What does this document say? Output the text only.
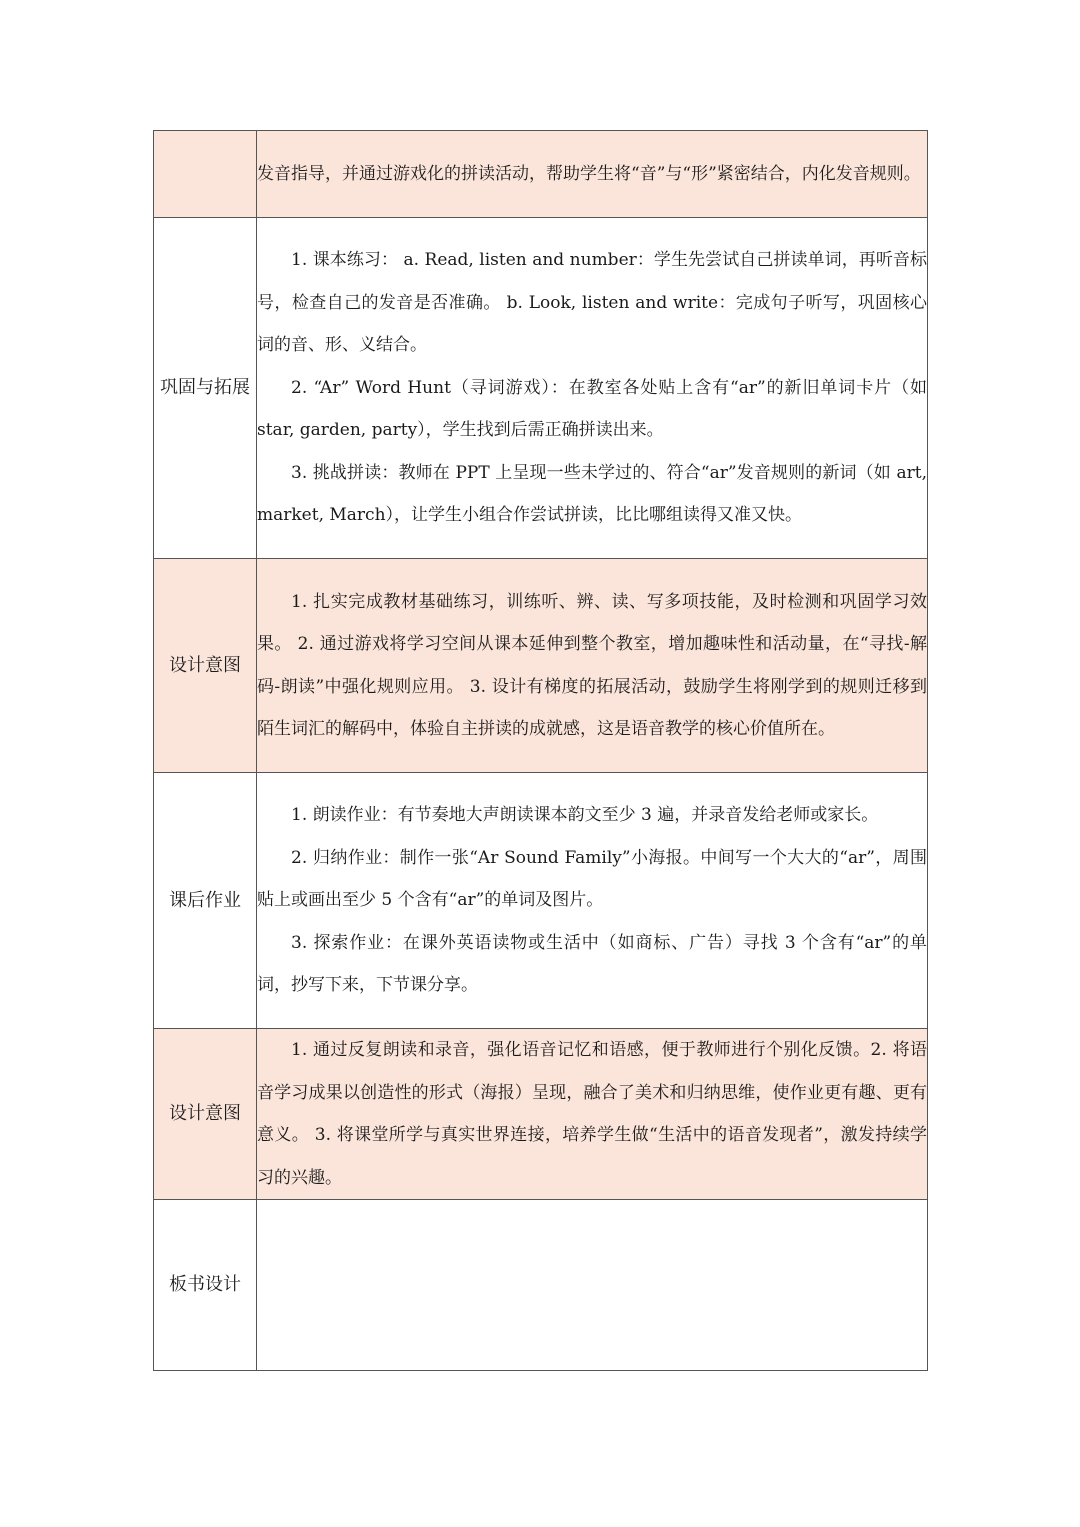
	发音指导，并通过游戏化的拼读活动，帮助学生将“音”与“形”紧密结合，内化发音规则。

巩固与拓展	1. 课本练习： a. Read, listen and number：学生先尝试自己拼读单词，再听音标号，检查自己的发音是否准确。 b. Look, listen and write：完成句子听写，巩固核心词的音、形、义结合。

2. “Ar” Word Hunt（寻词游戏）：在教室各处贴上含有“ar”的新旧单词卡片（如 star, garden, party），学生找到后需正确拼读出来。

3. 挑战拼读：教师在 PPT 上呈现一些未学过的、符合“ar”发音规则的新词（如 art, market, March），让学生小组合作尝试拼读，比比哪组读得又准又快。

设计意图	1. 扎实完成教材基础练习，训练听、辨、读、写多项技能，及时检测和巩固学习效果。 2. 通过游戏将学习空间从课本延伸到整个教室，增加趣味性和活动量，在“寻找-解码-朗读”中强化规则应用。 3. 设计有梯度的拓展活动，鼓励学生将刚学到的规则迁移到陌生词汇的解码中，体验自主拼读的成就感，这是语音教学的核心价值所在。

课后作业	1. 朗读作业：有节奏地大声朗读课本韵文至少 3 遍，并录音发给老师或家长。

2. 归纳作业：制作一张“Ar Sound Family”小海报。中间写一个大大的“ar”，周围贴上或画出至少 5 个含有“ar”的单词及图片。

3. 探索作业：在课外英语读物或生活中（如商标、广告）寻找 3 个含有“ar”的单词，抄写下来，下节课分享。

设计意图	1. 通过反复朗读和录音，强化语音记忆和语感，便于教师进行个别化反馈。2. 将语音学习成果以创造性的形式（海报）呈现，融合了美术和归纳思维，使作业更有趣、更有意义。 3. 将课堂所学与真实世界连接，培养学生做“生活中的语音发现者”，激发持续学习的兴趣。

板书设计	
